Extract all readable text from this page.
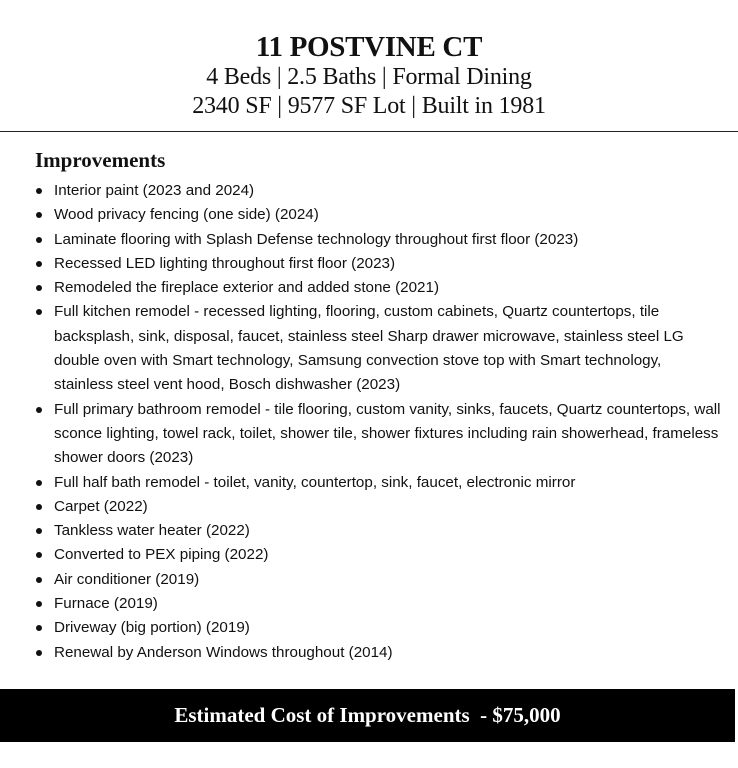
11 POSTVINE CT
4 Beds | 2.5 Baths | Formal Dining
2340 SF | 9577 SF Lot | Built in 1981
Improvements
Interior paint (2023 and 2024)
Wood privacy fencing (one side) (2024)
Laminate flooring with Splash Defense technology throughout first floor (2023)
Recessed LED lighting throughout first floor (2023)
Remodeled the fireplace exterior and added stone (2021)
Full kitchen remodel - recessed lighting, flooring, custom cabinets, Quartz countertops, tile backsplash, sink, disposal, faucet, stainless steel Sharp drawer microwave, stainless steel LG double oven with Smart technology, Samsung convection stove top with Smart technology, stainless steel vent hood, Bosch dishwasher (2023)
Full primary bathroom remodel - tile flooring, custom vanity, sinks, faucets, Quartz countertops, wall sconce lighting, towel rack, toilet, shower tile, shower fixtures including rain showerhead, frameless shower doors (2023)
Full half bath remodel - toilet, vanity, countertop, sink, faucet, electronic mirror
Carpet (2022)
Tankless water heater (2022)
Converted to PEX piping (2022)
Air conditioner (2019)
Furnace (2019)
Driveway (big portion) (2019)
Renewal by Anderson Windows throughout (2014)
Estimated Cost of Improvements  - $75,000
